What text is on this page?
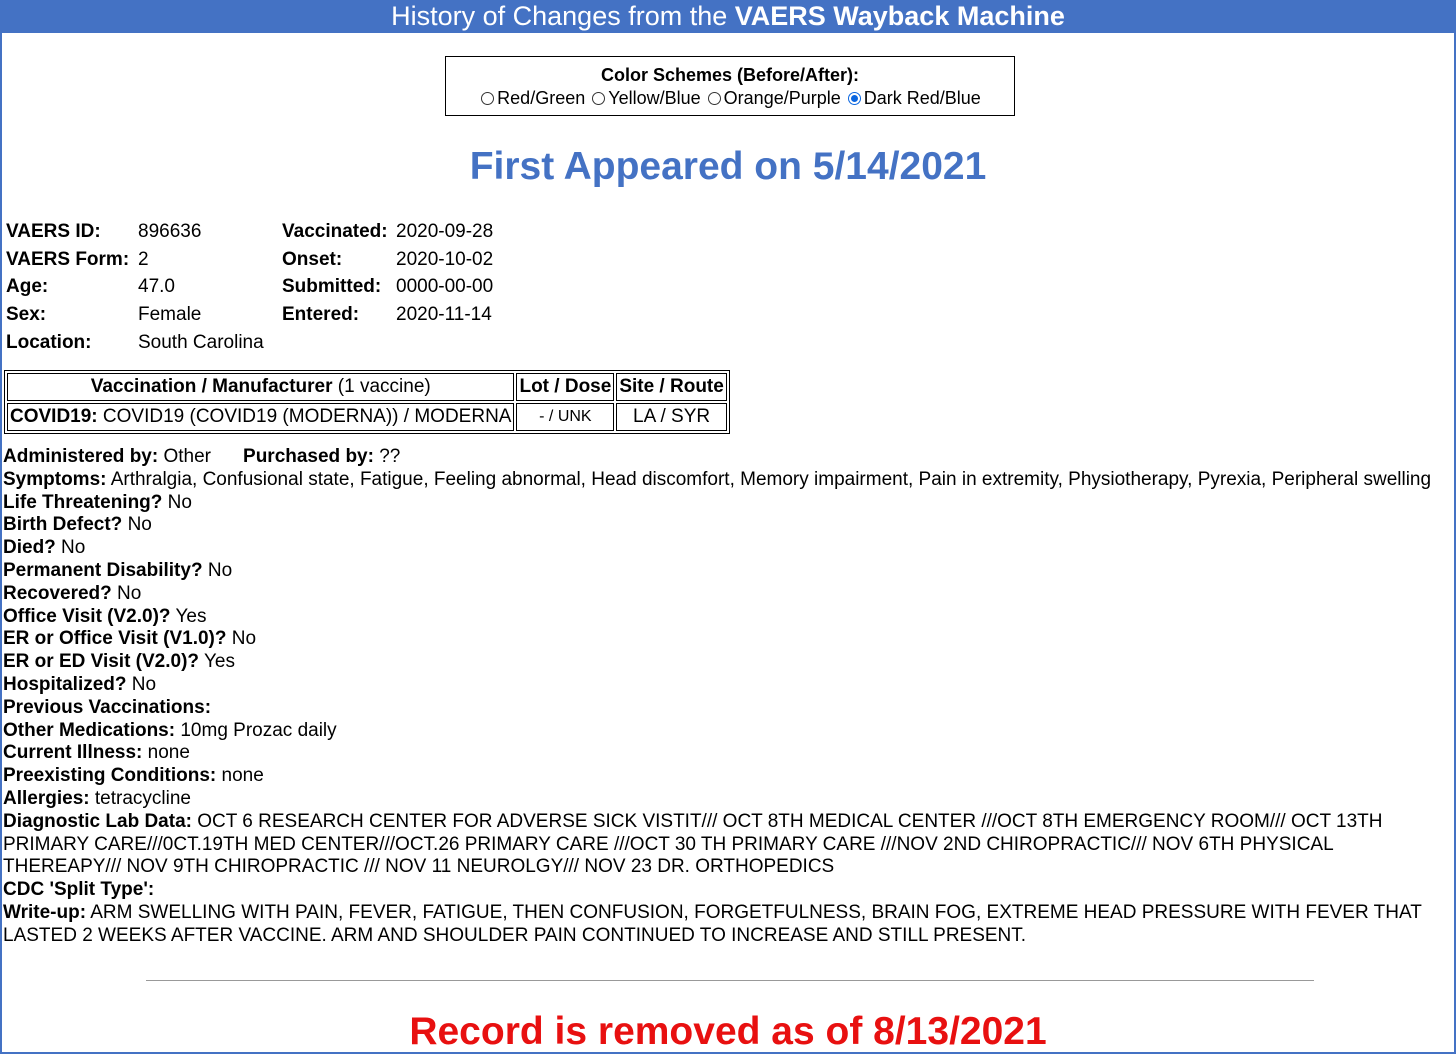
History of Changes from the VAERS Wayback Machine
Color Schemes (Before/After):
Red/Green Yellow/Blue Orange/Purple Dark Red/Blue
First Appeared on 5/14/2021
VAERS ID: 896636
VAERS Form: 2
Age:	47.0
Sex:	Female
Location: South Carolina
Vaccinated: 2020-09-28
Onset:	2020-10-02
Submitted: 0000-00-00
Entered: 2020-11-14
Vaccination / Manufacturer (1 vaccine)	Lot / Dose	Site / Route
COVID19: COVID19 (COVID19 (MODERNA)) / MODERNA	- / UNK	LA / SYR
Administered by: Other Purchased by: ??
Symptoms: Arthralgia, Confusional state, Fatigue, Feeling abnormal, Head discomfort, Memory impairment, Pain in extremity, Physiotherapy, Pyrexia, Peripheral swelling
Life Threatening? No
Birth Defect? No
Died? No
Permanent Disability? No
Recovered? No
Office Visit (V2.0)? Yes
ER or Office Visit (V1.0)? No
ER or ED Visit (V2.0)? Yes
Hospitalized? No
Previous Vaccinations:
Other Medications: 10mg Prozac daily
Current Illness: none
Preexisting Conditions: none
Allergies: tetracycline
Diagnostic Lab Data: OCT 6 RESEARCH CENTER FOR ADVERSE SICK VISTIT/// OCT 8TH MEDICAL CENTER ///OCT 8TH EMERGENCY ROOM/// OCT 13TH PRIMARY CARE///0CT.19TH MED CENTER///OCT.26 PRIMARY CARE ///OCT 30 TH PRIMARY CARE ///NOV 2ND CHIROPRACTIC/// NOV 6TH PHYSICAL THEREAPY/// NOV 9TH CHIROPRACTIC /// NOV 11 NEUROLGY/// NOV 23 DR. ORTHOPEDICS
CDC 'Split Type':
Write-up: ARM SWELLING WITH PAIN, FEVER, FATIGUE, THEN CONFUSION, FORGETFULNESS, BRAIN FOG, EXTREME HEAD PRESSURE WITH FEVER THAT LASTED 2 WEEKS AFTER VACCINE. ARM AND SHOULDER PAIN CONTINUED TO INCREASE AND STILL PRESENT.
Record is removed as of 8/13/2021
